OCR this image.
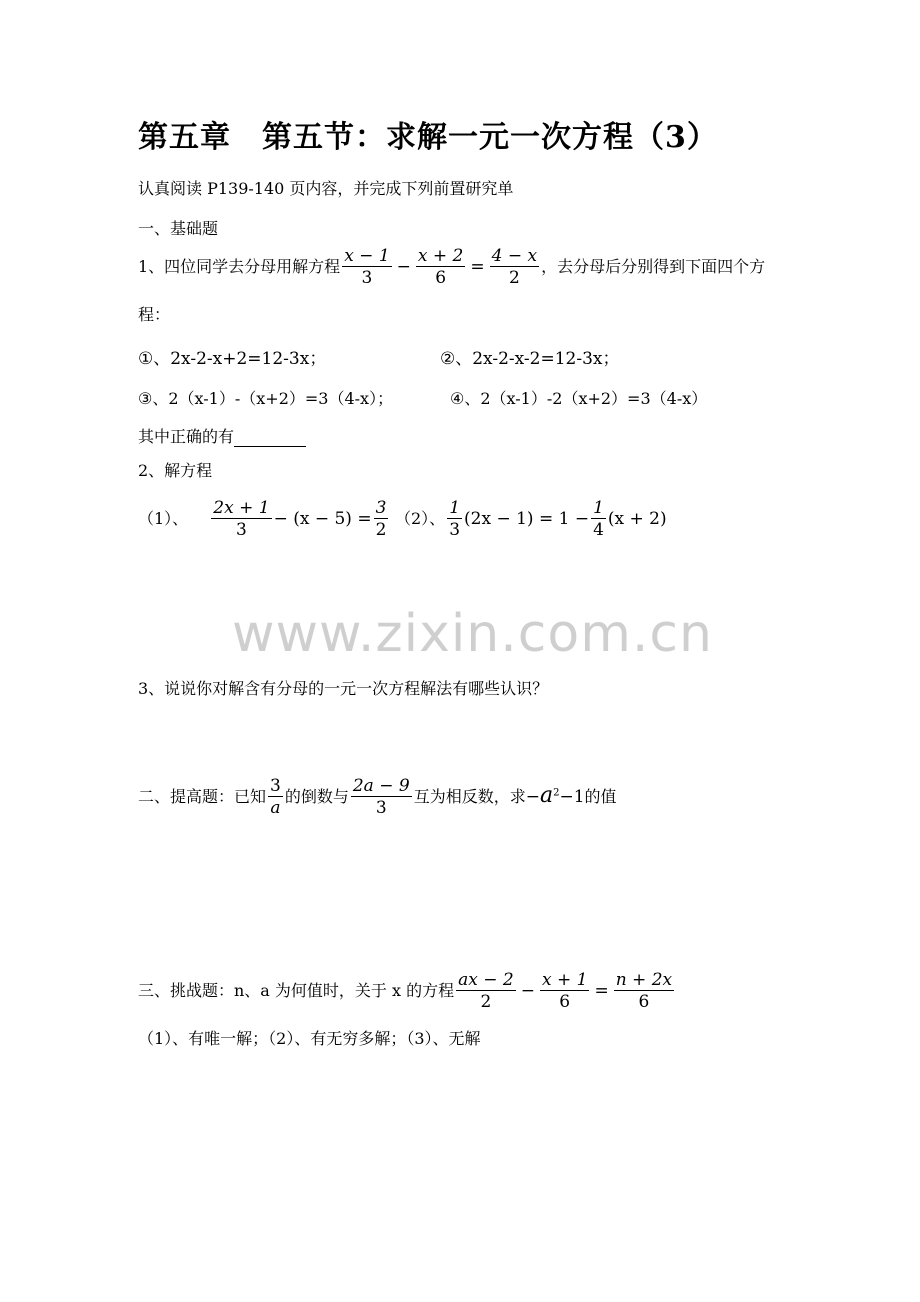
第五章　第五节：求解一元一次方程（3）
认真阅读 P139-140 页内容，并完成下列前置研究单
一、基础题
1、四位同学去分母用解方程 $\frac{x - 1}{3} - \frac{x + 2}{6} = \frac{4 - x}{2}$ ，去分母后分别得到下面四个方
程：
①、2x-2-x+2=12-3x；	②、2x-2-x-2=12-3x；
③、2（x-1）-（x+2）=3（4-x）；	④、2（x-1）-2（x+2）=3（4-x）
其中正确的有
2、解方程
（1）、 $\frac{2x + 1}{3} - (x - 5) = \frac{3}{2} (2)$、 $\frac{1}{3} (2x - 1) = 1 - \frac{1}{4} (x + 2)$
www.zixin.com.cn
3、说说你对解含有分母的一元一次方程解法有哪些认识？
二、提高题：已知 $\frac{3}{a}$ 的倒数与 $\frac{2a - 9}{3}$ 互为相反数，求$-a^2-1$的值
三、挑战题：n、a 为何值时，关于 x 的方程 $\frac{ax - 2}{2} - \frac{x + 1}{6} = \frac{n + 2x}{6}$
（1）、有唯一解；（2）、有无穷多解；（3）、无解
